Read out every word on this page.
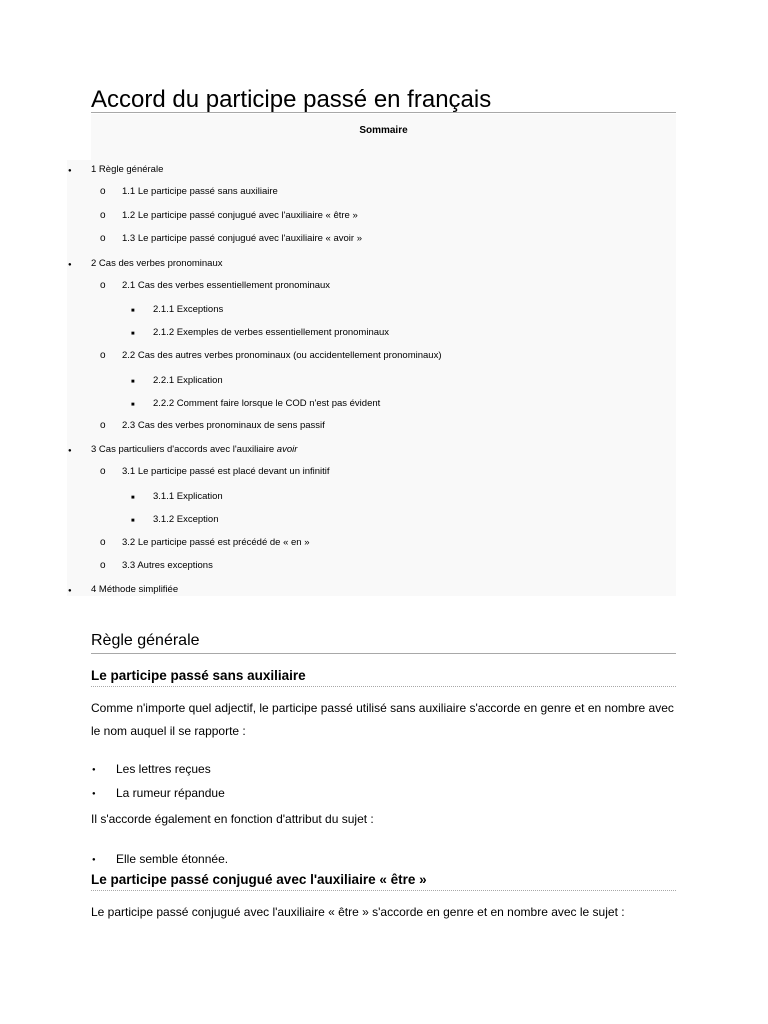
Accord du participe passé en français
Sommaire
●
1 Règle générale
o
1.1 Le participe passé sans auxiliaire
o
1.2 Le participe passé conjugué avec l'auxiliaire « être »
o
1.3 Le participe passé conjugué avec l'auxiliaire « avoir »
●
2 Cas des verbes pronominaux
o
2.1 Cas des verbes essentiellement pronominaux
■
2.1.1 Exceptions
■
2.1.2 Exemples de verbes essentiellement pronominaux
o
2.2 Cas des autres verbes pronominaux (ou accidentellement pronominaux)
■
2.2.1 Explication
■
2.2.2 Comment faire lorsque le COD n'est pas évident
o
2.3 Cas des verbes pronominaux de sens passif
●
3 Cas particuliers d'accords avec l'auxiliaire avoir
o
3.1 Le participe passé est placé devant un infinitif
■
3.1.1 Explication
■
3.1.2 Exception
o
3.2 Le participe passé est précédé de « en »
o
3.3 Autres exceptions
●
4 Méthode simplifiée
Règle générale
Le participe passé sans auxiliaire

Comme n'importe quel adjectif, le participe passé utilisé sans auxiliaire s'accorde en genre et en nombre avec le nom auquel il se rapporte :

●
Les lettres reçues
●
La rumeur répandue

Il s'accorde également en fonction d'attribut du sujet :

●
Elle semble étonnée.
Le participe passé conjugué avec l'auxiliaire « être »

Le participe passé conjugué avec l'auxiliaire « être » s'accorde en genre et en nombre avec le sujet :
